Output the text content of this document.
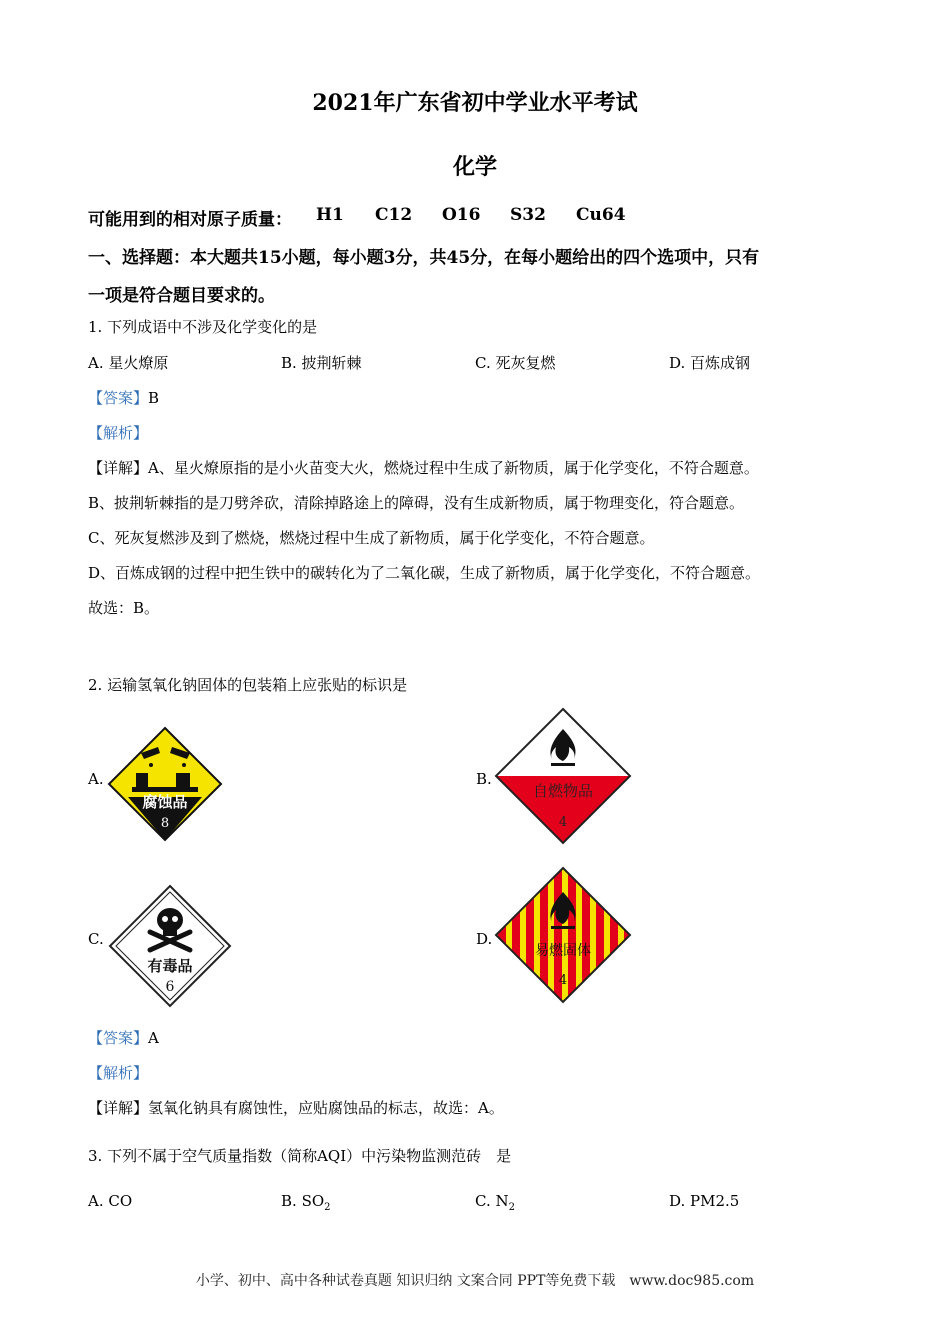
2021年广东省初中学业水平考试
化学
可能用到的相对原子质量： H1 C12 O16 S32 Cu64
一、选择题：本大题共15小题，每小题3分，共45分，在每小题给出的四个选项中，只有
一项是符合题目要求的。
1. 下列成语中不涉及化学变化的是
A. 星火燎原	B. 披荆斩棘	C. 死灰复燃	D. 百炼成钢
【答案】B
【解析】
【详解】A、星火燎原指的是小火苗变大火，燃烧过程中生成了新物质，属于化学变化，不符合题意。
B、披荆斩棘指的是刀劈斧砍，清除掉路途上的障碍，没有生成新物质，属于物理变化，符合题意。
C、死灰复燃涉及到了燃烧，燃烧过程中生成了新物质，属于化学变化，不符合题意。
D、百炼成钢的过程中把生铁中的碳转化为了二氧化碳，生成了新物质，属于化学变化，不符合题意。
故选：B。
2. 运输氢氧化钠固体的包装箱上应张贴的标识是
A.
腐蚀品
8
B.
自燃物品
4
C.
有毒品
6
D.
易燃固体
4
【答案】A
【解析】
【详解】氢氧化钠具有腐蚀性，应贴腐蚀品的标志，故选：A。
3. 下列不属于空气质量指数（简称AQI）中污染物监测范砖　是
A. CO	B. $SO_2$	C. $N_2$	D. PM2.5
小学、初中、高中各种试卷真题 知识归纳 文案合同 PPT等免费下载　www.doc985.com
